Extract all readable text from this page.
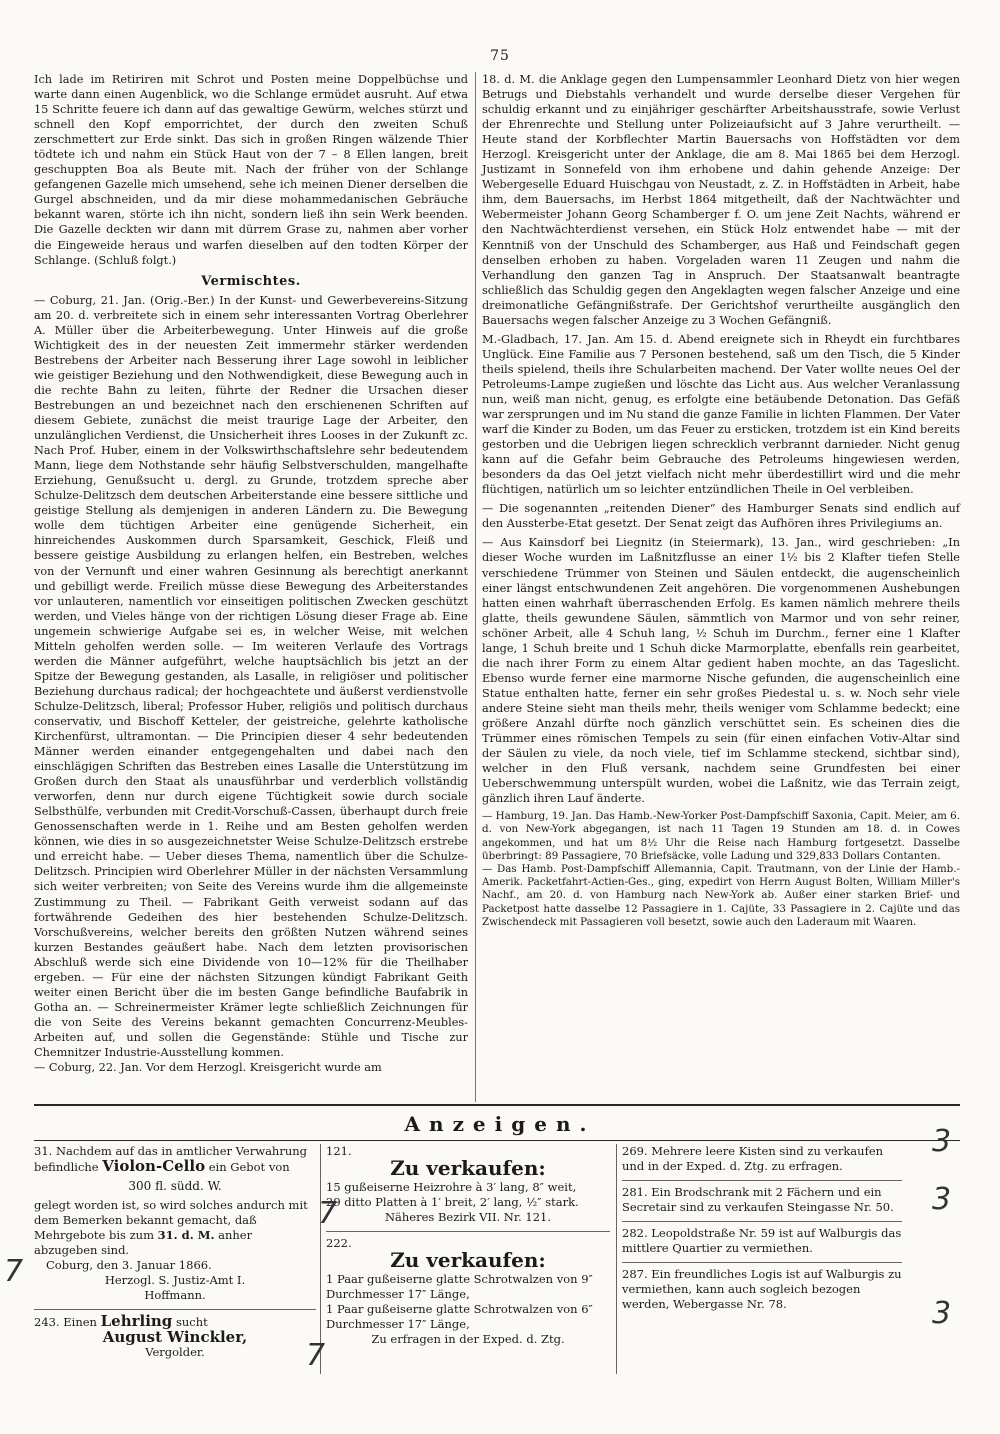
75

Ich lade im Retiriren mit Schrot und Posten meine Doppelbüchse und warte dann einen Augenblick, wo die Schlange ermüdet ausruht. Auf etwa 15 Schritte feuere ich dann auf das gewaltige Gewürm, welches stürzt und schnell den Kopf emporrichtet, der durch den zweiten Schuß zerschmettert zur Erde sinkt. Das sich in großen Ringen wälzende Thier tödtete ich und nahm ein Stück Haut von der 7 – 8 Ellen langen, breit geschuppten Boa als Beute mit. Nach der früher von der Schlange gefangenen Gazelle mich umsehend, sehe ich meinen Diener derselben die Gurgel abschneiden, und da mir diese mohammedanischen Gebräuche bekannt waren, störte ich ihn nicht, sondern ließ ihn sein Werk beenden. Die Gazelle deckten wir dann mit dürrem Grase zu, nahmen aber vorher die Eingeweide heraus und warfen dieselben auf den todten Körper der Schlange. (Schluß folgt.)

Vermischtes.

— Coburg, 21. Jan. (Orig.-Ber.) In der Kunst- und Gewerbevereins-Sitzung am 20. d. verbreitete sich in einem sehr interessanten Vortrag Oberlehrer A. Müller über die Arbeiterbewegung. Unter Hinweis auf die große Wichtigkeit des in der neuesten Zeit immermehr stärker werdenden Bestrebens der Arbeiter nach Besserung ihrer Lage sowohl in leiblicher wie geistiger Beziehung und den Nothwendigkeit, diese Bewegung auch in die rechte Bahn zu leiten, führte der Redner die Ursachen dieser Bestrebungen an und bezeichnet nach den erschienenen Schriften auf diesem Gebiete, zunächst die meist traurige Lage der Arbeiter, den unzulänglichen Verdienst, die Unsicherheit ihres Looses in der Zukunft zc. Nach Prof. Huber, einem in der Volkswirthschaftslehre sehr bedeutendem Mann, liege dem Nothstande sehr häufig Selbstverschulden, mangelhafte Erziehung, Genußsucht u. dergl. zu Grunde, trotzdem spreche aber Schulze-Delitzsch dem deutschen Arbeiterstande eine bessere sittliche und geistige Stellung als demjenigen in anderen Ländern zu. Die Bewegung wolle dem tüchtigen Arbeiter eine genügende Sicherheit, ein hinreichendes Auskommen durch Sparsamkeit, Geschick, Fleiß und bessere geistige Ausbildung zu erlangen helfen, ein Bestreben, welches von der Vernunft und einer wahren Gesinnung als berechtigt anerkannt und gebilligt werde. Freilich müsse diese Bewegung des Arbeiterstandes vor unlauteren, namentlich vor einseitigen politischen Zwecken geschützt werden, und Vieles hänge von der richtigen Lösung dieser Frage ab. Eine ungemein schwierige Aufgabe sei es, in welcher Weise, mit welchen Mitteln geholfen werden solle. — Im weiteren Verlaufe des Vortrags werden die Männer aufgeführt, welche hauptsächlich bis jetzt an der Spitze der Bewegung gestanden, als Lasalle, in religiöser und politischer Beziehung durchaus radical; der hochgeachtete und äußerst verdienstvolle Schulze-Delitzsch, liberal; Professor Huber, religiös und politisch durchaus conservativ, und Bischoff Ketteler, der geistreiche, gelehrte katholische Kirchenfürst, ultramontan. — Die Principien dieser 4 sehr bedeutenden Männer werden einander entgegengehalten und dabei nach den einschlägigen Schriften das Bestreben eines Lasalle die Unterstützung im Großen durch den Staat als unausführbar und verderblich vollständig verworfen, denn nur durch eigene Tüchtigkeit sowie durch sociale Selbsthülfe, verbunden mit Credit-Vorschuß-Cassen, überhaupt durch freie Genossenschaften werde in 1. Reihe und am Besten geholfen werden können, wie dies in so ausgezeichnetster Weise Schulze-Delitzsch erstrebe und erreicht habe. — Ueber dieses Thema, namentlich über die Schulze-Delitzsch. Principien wird Oberlehrer Müller in der nächsten Versammlung sich weiter verbreiten; von Seite des Vereins wurde ihm die allgemeinste Zustimmung zu Theil. — Fabrikant Geith verweist sodann auf das fortwährende Gedeihen des hier bestehenden Schulze-Delitzsch. Vorschußvereins, welcher bereits den größten Nutzen während seines kurzen Bestandes geäußert habe. Nach dem letzten provisorischen Abschluß werde sich eine Dividende von 10—12% für die Theilhaber ergeben. — Für eine der nächsten Sitzungen kündigt Fabrikant Geith weiter einen Bericht über die im besten Gange befindliche Baufabrik in Gotha an. — Schreinermeister Krämer legte schließlich Zeichnungen für die von Seite des Vereins bekannt gemachten Concurrenz-Meubles-Arbeiten auf, und sollen die Gegenstände: Stühle und Tische zur Chemnitzer Industrie-Ausstellung kommen.

— Coburg, 22. Jan. Vor dem Herzogl. Kreisgericht wurde am

18. d. M. die Anklage gegen den Lumpensammler Leonhard Dietz von hier wegen Betrugs und Diebstahls verhandelt und wurde derselbe dieser Vergehen für schuldig erkannt und zu einjähriger geschärfter Arbeitshausstrafe, sowie Verlust der Ehrenrechte und Stellung unter Polizeiaufsicht auf 3 Jahre verurtheilt. — Heute stand der Korbflechter Martin Bauersachs von Hoffstädten vor dem Herzogl. Kreisgericht unter der Anklage, die am 8. Mai 1865 bei dem Herzogl. Justizamt in Sonnefeld von ihm erhobene und dahin gehende Anzeige: Der Webergeselle Eduard Huischgau von Neustadt, z. Z. in Hoffstädten in Arbeit, habe ihm, dem Bauersachs, im Herbst 1864 mitgetheilt, daß der Nachtwächter und Webermeister Johann Georg Schamberger f. O. um jene Zeit Nachts, während er den Nachtwächterdienst versehen, ein Stück Holz entwendet habe — mit der Kenntniß von der Unschuld des Schamberger, aus Haß und Feindschaft gegen denselben erhoben zu haben. Vorgeladen waren 11 Zeugen und nahm die Verhandlung den ganzen Tag in Anspruch. Der Staatsanwalt beantragte schließlich das Schuldig gegen den Angeklagten wegen falscher Anzeige und eine dreimonatliche Gefängnißstrafe. Der Gerichtshof verurtheilte ausgänglich den Bauersachs wegen falscher Anzeige zu 3 Wochen Gefängniß.

M.-Gladbach, 17. Jan. Am 15. d. Abend ereignete sich in Rheydt ein furchtbares Unglück. Eine Familie aus 7 Personen bestehend, saß um den Tisch, die 5 Kinder theils spielend, theils ihre Schularbeiten machend. Der Vater wollte neues Oel der Petroleums-Lampe zugießen und löschte das Licht aus. Aus welcher Veranlassung nun, weiß man nicht, genug, es erfolgte eine betäubende Detonation. Das Gefäß war zersprungen und im Nu stand die ganze Familie in lichten Flammen. Der Vater warf die Kinder zu Boden, um das Feuer zu ersticken, trotzdem ist ein Kind bereits gestorben und die Uebrigen liegen schrecklich verbrannt darnieder. Nicht genug kann auf die Gefahr beim Gebrauche des Petroleums hingewiesen werden, besonders da das Oel jetzt vielfach nicht mehr überdestillirt wird und die mehr flüchtigen, natürlich um so leichter entzündlichen Theile in Oel verbleiben.

— Die sogenannten „reitenden Diener“ des Hamburger Senats sind endlich auf den Aussterbe-Etat gesetzt. Der Senat zeigt das Aufhören ihres Privilegiums an.

— Aus Kainsdorf bei Liegnitz (in Steiermark), 13. Jan., wird geschrieben: „In dieser Woche wurden im Laßnitzflusse an einer 1½ bis 2 Klafter tiefen Stelle verschiedene Trümmer von Steinen und Säulen entdeckt, die augenscheinlich einer längst entschwundenen Zeit angehören. Die vorgenommenen Aushebungen hatten einen wahrhaft überraschenden Erfolg. Es kamen nämlich mehrere theils glatte, theils gewundene Säulen, sämmtlich von Marmor und von sehr reiner, schöner Arbeit, alle 4 Schuh lang, ½ Schuh im Durchm., ferner eine 1 Klafter lange, 1 Schuh breite und 1 Schuh dicke Marmorplatte, ebenfalls rein gearbeitet, die nach ihrer Form zu einem Altar gedient haben mochte, an das Tageslicht. Ebenso wurde ferner eine marmorne Nische gefunden, die augenscheinlich eine Statue enthalten hatte, ferner ein sehr großes Piedestal u. s. w. Noch sehr viele andere Steine sieht man theils mehr, theils weniger vom Schlamme bedeckt; eine größere Anzahl dürfte noch gänzlich verschüttet sein. Es scheinen dies die Trümmer eines römischen Tempels zu sein (für einen einfachen Votiv-Altar sind der Säulen zu viele, da noch viele, tief im Schlamme steckend, sichtbar sind), welcher in den Fluß versank, nachdem seine Grundfesten bei einer Ueberschwemmung unterspült wurden, wobei die Laßnitz, wie das Terrain zeigt, gänzlich ihren Lauf änderte.

— Hamburg, 19. Jan. Das Hamb.-New-Yorker Post-Dampfschiff Saxonia, Capit. Meier, am 6. d. von New-York abgegangen, ist nach 11 Tagen 19 Stunden am 18. d. in Cowes angekommen, und hat um 8½ Uhr die Reise nach Hamburg fortgesetzt. Dasselbe überbringt: 89 Passagiere, 70 Briefsäcke, volle Ladung und 329,833 Dollars Contanten.

— Das Hamb. Post-Dampfschiff Allemannia, Capit. Trautmann, von der Linie der Hamb.-Amerik. Packetfahrt-Actien-Ges., ging, expedirt von Herrn August Bolten, William Miller's Nachf., am 20. d. von Hamburg nach New-York ab. Außer einer starken Brief- und Packetpost hatte dasselbe 12 Passagiere in 1. Cajüte, 33 Passagiere in 2. Cajüte und das Zwischendeck mit Passagieren voll besetzt, sowie auch den Laderaum mit Waaren.

Anzeigen.
31. Nachdem auf das in amtlicher Verwahrung befindliche Violon-Cello ein Gebot von
300 fl. südd. W.
gelegt worden ist, so wird solches andurch mit dem Bemerken bekannt gemacht, daß Mehrgebote bis zum 31. d. M. anher abzugeben sind.
Coburg, den 3. Januar 1866.
Herzogl. S. Justiz-Amt I.
Hoffmann.
243. Einen Lehrling sucht
August Winckler,
Vergolder.
121.
Zu verkaufen:
15 gußeiserne Heizrohre à 3′ lang, 8″ weit,
29 ditto Platten à 1′ breit, 2′ lang, ½″ stark.
Näheres Bezirk VII. Nr. 121.
222.
Zu verkaufen:
1 Paar gußeiserne glatte Schrotwalzen von 9″ Durchmesser 17″ Länge,
1 Paar gußeiserne glatte Schrotwalzen von 6″ Durchmesser 17″ Länge,
Zu erfragen in der Exped. d. Ztg.
269. Mehrere leere Kisten sind zu verkaufen und in der Exped. d. Ztg. zu erfragen.
281. Ein Brodschrank mit 2 Fächern und ein Secretair sind zu verkaufen Steingasse Nr. 50.
282. Leopoldstraße Nr. 59 ist auf Walburgis das mittlere Quartier zu vermiethen.
287. Ein freundliches Logis ist auf Walburgis zu vermiethen, kann auch sogleich bezogen werden, Webergasse Nr. 78.
3
3
3
7
7
7
